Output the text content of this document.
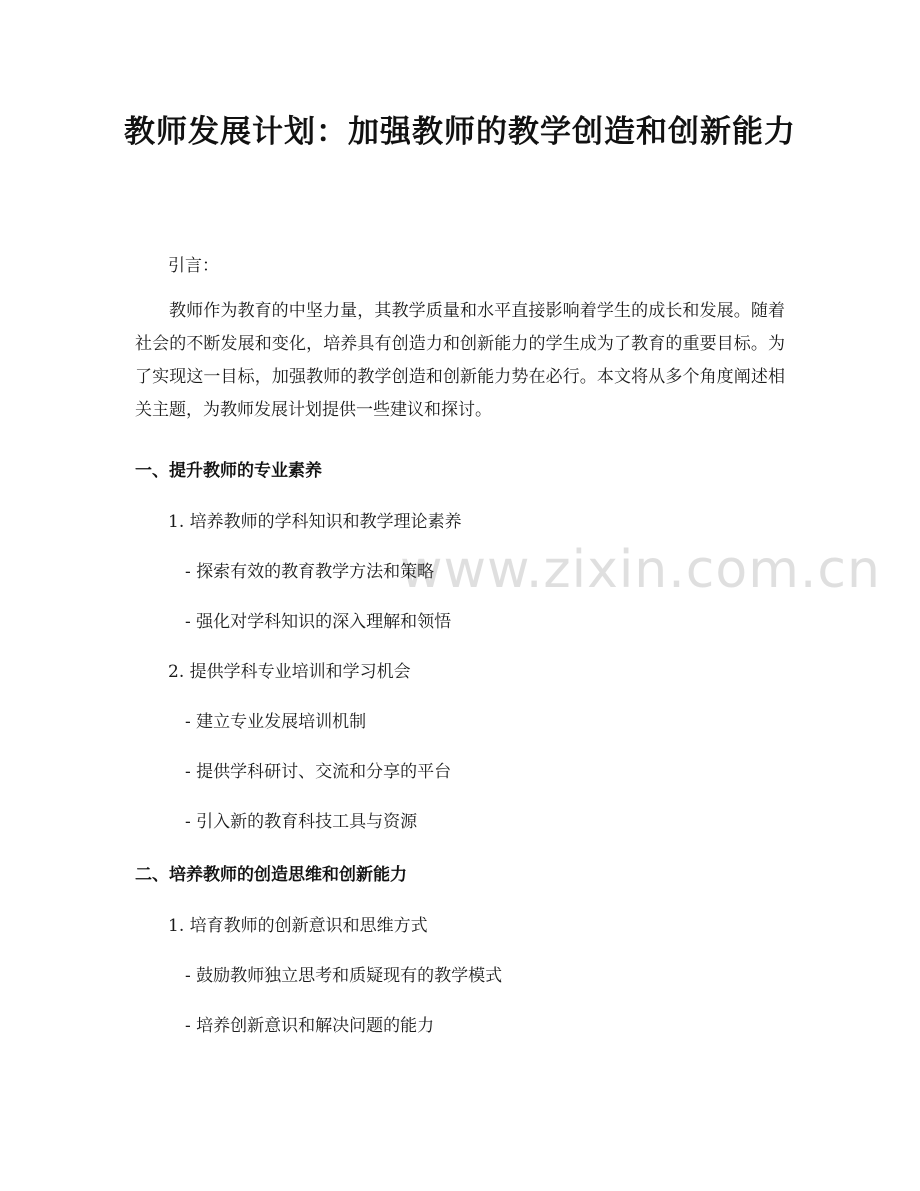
www.zixin.com.cn
教师发展计划：加强教师的教学创造和创新能力
引言：
教师作为教育的中坚力量，其教学质量和水平直接影响着学生的成长和发展。随着社会的不断发展和变化，培养具有创造力和创新能力的学生成为了教育的重要目标。为了实现这一目标，加强教师的教学创造和创新能力势在必行。本文将从多个角度阐述相关主题，为教师发展计划提供一些建议和探讨。
一、提升教师的专业素养
1. 培养教师的学科知识和教学理论素养
- 探索有效的教育教学方法和策略
- 强化对学科知识的深入理解和领悟
2. 提供学科专业培训和学习机会
- 建立专业发展培训机制
- 提供学科研讨、交流和分享的平台
- 引入新的教育科技工具与资源
二、培养教师的创造思维和创新能力
1. 培育教师的创新意识和思维方式
- 鼓励教师独立思考和质疑现有的教学模式
- 培养创新意识和解决问题的能力
